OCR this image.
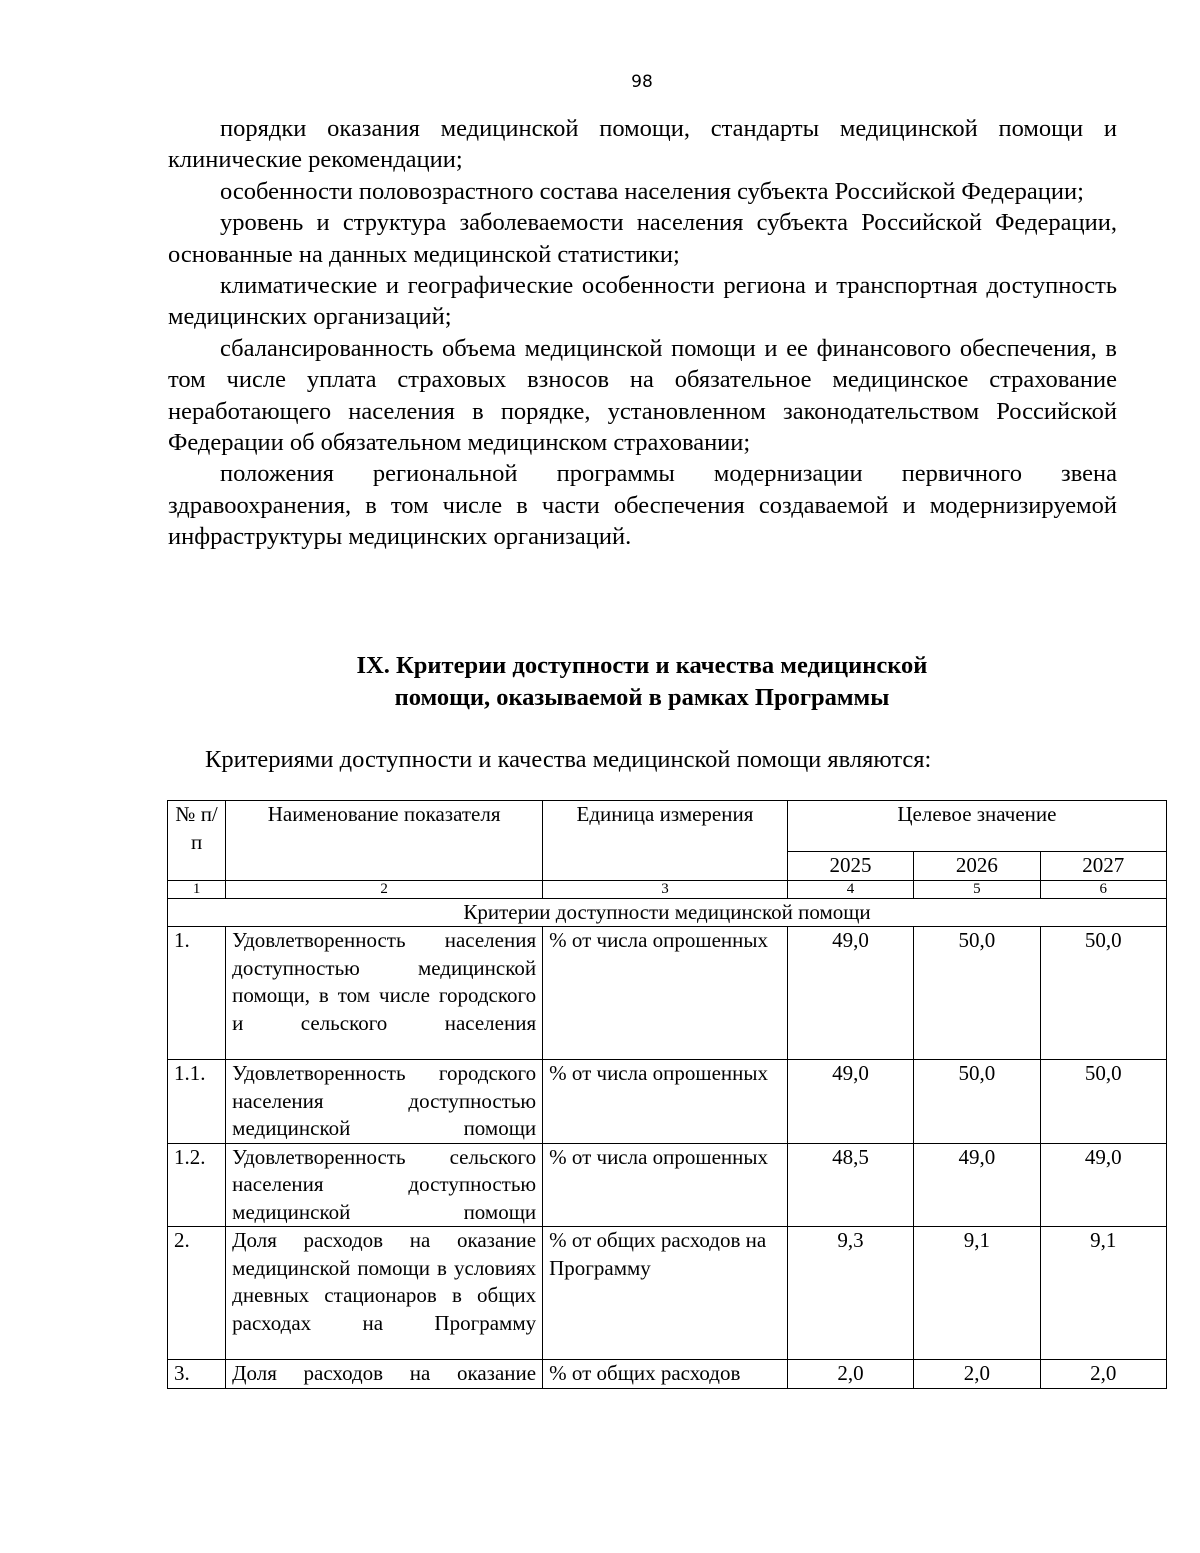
98

порядки оказания медицинской помощи, стандарты медицинской помощи и клинические рекомендации;

особенности половозрастного состава населения субъекта Российской Федерации;

уровень и структура заболеваемости населения субъекта Российской Федерации, основанные на данных медицинской статистики;

климатические и географические особенности региона и транспортная доступность медицинских организаций;

сбалансированность объема медицинской помощи и ее финансового обеспечения, в том числе уплата страховых взносов на обязательное медицинское страхование неработающего населения в порядке, установленном законодательством Российской Федерации об обязательном медицинском страховании;

положения региональной программы модернизации первичного звена здравоохранения, в том числе в части обеспечения создаваемой и модернизируемой инфраструктуры медицинских организаций.

IX. Критерии доступности и качества медицинской
помощи, оказываемой в рамках Программы
Критериями доступности и качества медицинской помощи являются:
№ п/п	Наименование показателя	Единица измерения	Целевое значение		
			2025	2026	2027
1	2	3	4	5	6
Критерии доступности медицинской помощи					
1.	Удовлетворенность населения доступностью медицинской помощи, в том числе городского и сельского населения	% от числа опрошенных	49,0	50,0	50,0
1.1.	Удовлетворенность городского населения доступностью медицинской помощи	% от числа опрошенных	49,0	50,0	50,0
1.2.	Удовлетворенность сельского населения доступностью медицинской помощи	% от числа опрошенных	48,5	49,0	49,0
2.	Доля расходов на оказание медицинской помощи в условиях дневных стационаров в общих расходах на Программу	% от общих расходов на Программу	9,3	9,1	9,1
3.	Доля расходов на оказание	% от общих расходов	2,0	2,0	2,0
